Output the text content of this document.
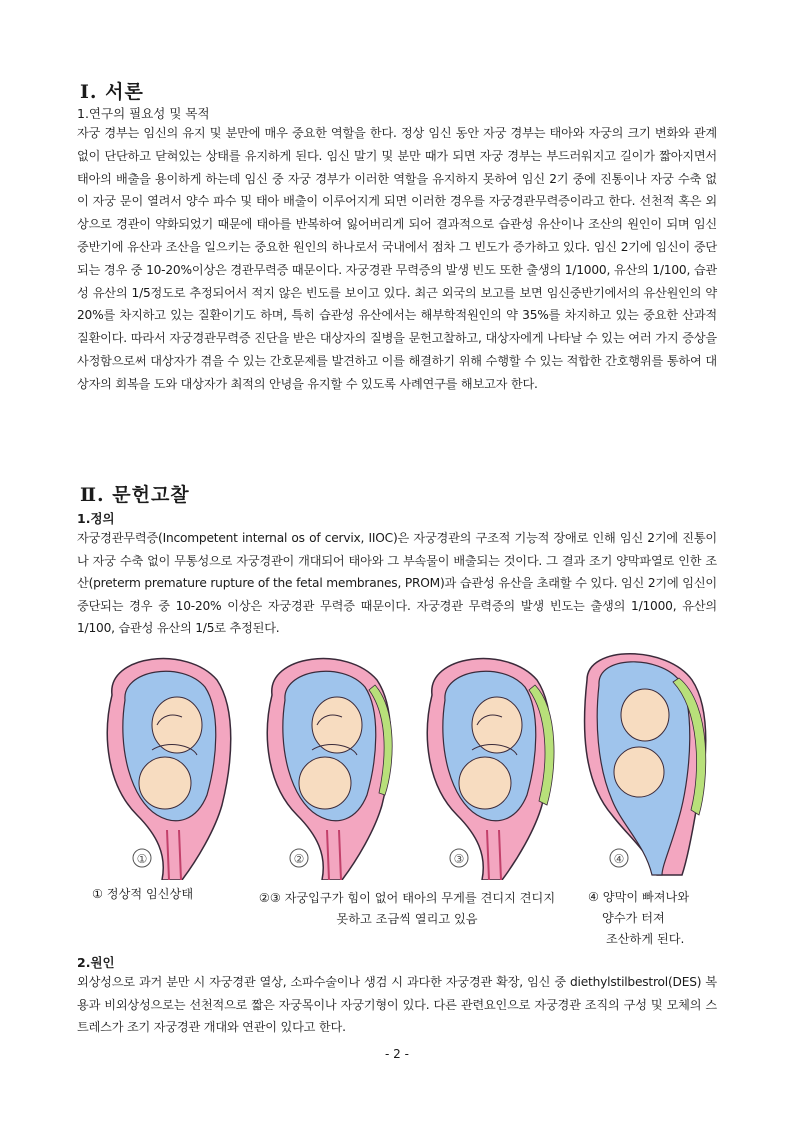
Ⅰ. 서론

1.연구의 필요성 및 목적

자궁 경부는 임신의 유지 및 분만에 매우 중요한 역할을 한다. 정상 임신 동안 자궁 경부는 태아와 자궁의 크기 변화와 관계없이 단단하고 닫혀있는 상태를 유지하게 된다. 임신 말기 및 분만 때가 되면 자궁 경부는 부드러워지고 길이가 짧아지면서 태아의 배출을 용이하게 하는데 임신 중 자궁 경부가 이러한 역할을 유지하지 못하여 임신 2기 중에 진통이나 자궁 수축 없이 자궁 문이 열려서 양수 파수 및 태아 배출이 이루어지게 되면 이러한 경우를 자궁경관무력증이라고 한다. 선천적 혹은 외상으로 경관이 약화되었기 때문에 태아를 반복하여 잃어버리게 되어 결과적으로 습관성 유산이나 조산의 원인이 되며 임신중반기에 유산과 조산을 일으키는 중요한 원인의 하나로서 국내에서 점차 그 빈도가 증가하고 있다. 임신 2기에 임신이 중단되는 경우 중 10-20%이상은 경관무력증 때문이다. 자궁경관 무력증의 발생 빈도 또한 출생의 1/1000, 유산의 1/100, 습관성 유산의 1/5정도로 추정되어서 적지 않은 빈도를 보이고 있다. 최근 외국의 보고를 보면 임신중반기에서의 유산원인의 약 20%를 차지하고 있는 질환이기도 하며, 특히 습관성 유산에서는 해부학적원인의 약 35%를 차지하고 있는 중요한 산과적 질환이다. 따라서 자궁경관무력증 진단을 받은 대상자의 질병을 문헌고찰하고, 대상자에게 나타날 수 있는 여러 가지 증상을 사정함으로써 대상자가 겪을 수 있는 간호문제를 발견하고 이를 해결하기 위해 수행할 수 있는 적합한 간호행위를 통하여 대상자의 회복을 도와 대상자가 최적의 안녕을 유지할 수 있도록 사례연구를 해보고자 한다.

Ⅱ. 문헌고찰

1.정의

자궁경관무력증(Incompetent internal os of cervix, IIOC)은 자궁경관의 구조적 기능적 장애로 인해 임신 2기에 진통이나 자궁 수축 없이 무통성으로 자궁경관이 개대되어 태아와 그 부속물이 배출되는 것이다. 그 결과 조기 양막파열로 인한 조산(preterm premature rupture of the fetal membranes, PROM)과 습관성 유산을 초래할 수 있다. 임신 2기에 임신이 중단되는 경우 중 10-20% 이상은 자궁경관 무력증 때문이다. 자궁경관 무력증의 발생 빈도는 출생의 1/1000, 유산의 1/100, 습관성 유산의 1/5로 추정된다.

①	②	③	④
① 정상적 임신상태	②③ 자궁입구가 힘이 없어 태아의 무게를 견디지 견디지 못하고 조금씩 열리고 있음
④ 양막이 빠져나와
양수가 터져
조산하게 된다.

2.원인

외상성으로 과거 분만 시 자궁경관 열상, 소파수술이나 생검 시 과다한 자궁경관 확장, 임신 중 diethylstilbestrol(DES) 복용과 비외상성으로는 선천적으로 짧은 자궁목이나 자궁기형이 있다. 다른 관련요인으로 자궁경관 조직의 구성 및 모체의 스트레스가 조기 자궁경관 개대와 연관이 있다고 한다.

- 2 -
